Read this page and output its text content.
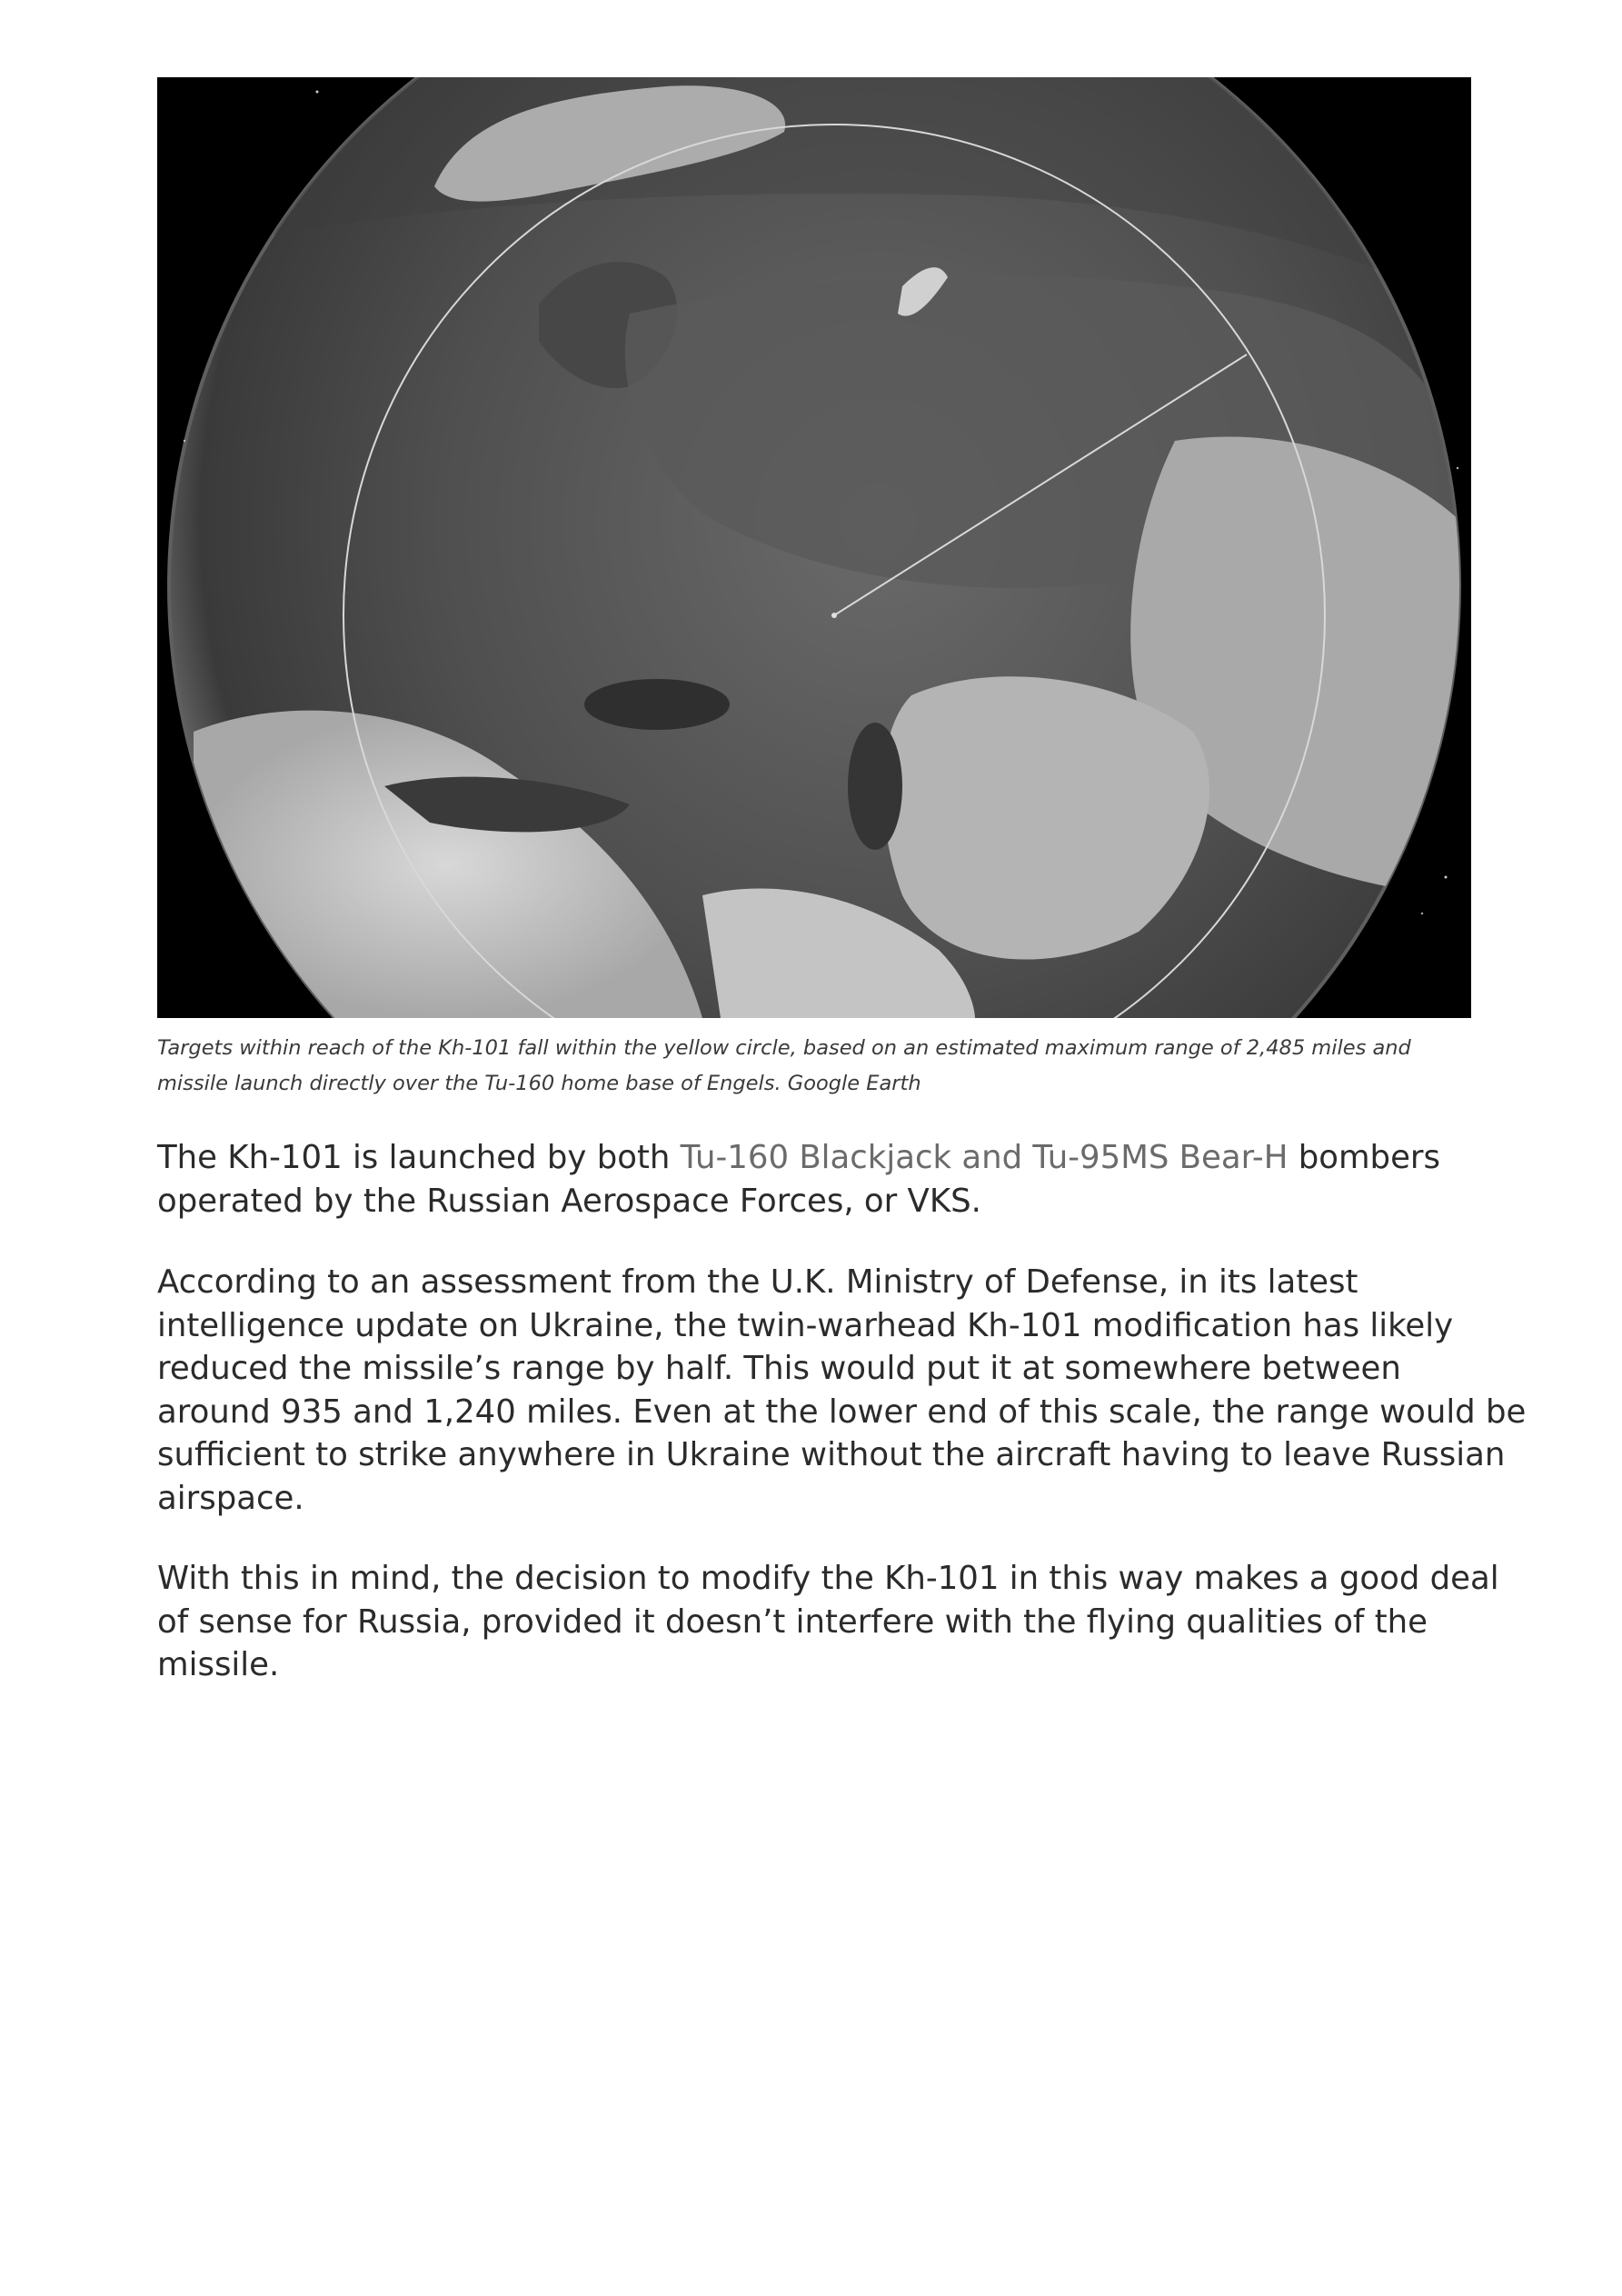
Targets within reach of the Kh-101 fall within the yellow circle, based on an estimated maximum range of 2,485 miles and
missile launch directly over the Tu-160 home base of Engels. Google Earth
The Kh-101 is launched by both Tu-160 Blackjack and Tu-95MS Bear-H bombers
operated by the Russian Aerospace Forces, or VKS.
According to an assessment from the U.K. Ministry of Defense, in its latest
intelligence update on Ukraine, the twin-warhead Kh-101 modification has likely
reduced the missile’s range by half. This would put it at somewhere between
around 935 and 1,240 miles. Even at the lower end of this scale, the range would be
sufficient to strike anywhere in Ukraine without the aircraft having to leave Russian
airspace.
With this in mind, the decision to modify the Kh-101 in this way makes a good deal
of sense for Russia, provided it doesn’t interfere with the flying qualities of the
missile.
